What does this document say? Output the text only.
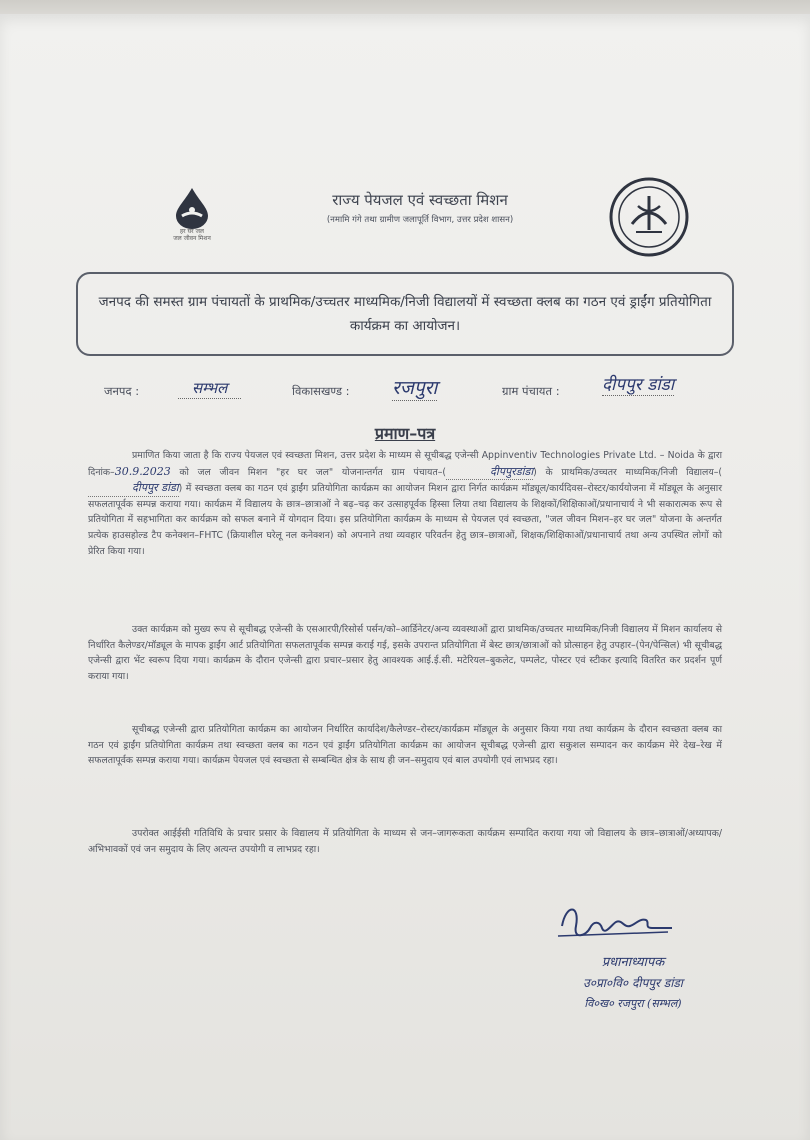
हर घर जल
जल जीवन मिशन
राज्य पेयजल एवं स्वच्छता मिशन
(नमामि गंगे तथा ग्रामीण जलापूर्ति विभाग, उत्तर प्रदेश शासन)
जनपद की समस्त ग्राम पंचायतों के प्राथमिक/उच्चतर माध्यमिक/निजी विद्यालयों में स्वच्छता क्लब का गठन एवं ड्राईंग प्रतियोगिता कार्यक्रम का आयोजन।
जनपद :	सम्भल	विकासखण्ड : रजपुरा	ग्राम पंचायत : दीपपुर डांडा
प्रमाण–पत्र
प्रमाणित किया जाता है कि राज्य पेयजल एवं स्वच्छता मिशन, उत्तर प्रदेश के माध्यम से सूचीबद्ध एजेन्सी Appinventiv Technologies Private Ltd. – Noida के द्वारा दिनांक–30.9.2023 को जल जीवन मिशन "हर घर जल" योजनान्तर्गत ग्राम पंचायत–(	दीपपुरडांडा) के प्राथमिक/उच्चतर माध्यमिक/निजी विद्यालय–(दीपपुर डांडा) में स्वच्छता क्लब का गठन एवं ड्राईंग प्रतियोगिता कार्यक्रम का आयोजन मिशन द्वारा निर्गत कार्यक्रम मॉड्यूल/कार्यदिवस–रोस्टर/कार्ययोजना में मॉड्यूल के अनुसार सफलतापूर्वक सम्पन्न कराया गया। कार्यक्रम में विद्यालय के छात्र–छात्राओं ने बढ़–चढ़ कर उत्साहपूर्वक हिस्सा लिया तथा विद्यालय के शिक्षकों/शिक्षिकाओं/प्रधानाचार्य ने भी सकारात्मक रूप से प्रतियोगिता में सहभागिता कर कार्यक्रम को सफल बनाने में योगदान दिया। इस प्रतियोगिता कार्यक्रम के माध्यम से पेयजल एवं स्वच्छता, "जल जीवन मिशन–हर घर जल" योजना के अन्तर्गत प्रत्येक हाउसहोल्ड टैप कनेक्शन–FHTC (क्रियाशील घरेलू नल कनेक्शन) को अपनाने तथा व्यवहार परिवर्तन हेतु छात्र–छात्राओं, शिक्षक/शिक्षिकाओं/प्रधानाचार्य तथा अन्य उपस्थित लोगों को प्रेरित किया गया।
उक्त कार्यक्रम को मुख्य रूप से सूचीबद्ध एजेन्सी के एसआरपी/रिसोर्स पर्सन/को–आर्डिनेटर/अन्य व्यवस्थाओं द्वारा प्राथमिक/उच्चतर माध्यमिक/निजी विद्यालय में मिशन कार्यालय से निर्धारित कैलेण्डर/मॉड्यूल के मापक ड्राईंग आर्ट प्रतियोगिता सफलतापूर्वक सम्पन्न कराई गई, इसके उपरान्त प्रतियोगिता में बेस्ट छात्र/छात्राओं को प्रोत्साहन हेतु उपहार–(पेन/पेन्सिल) भी सूचीबद्ध एजेन्सी द्वारा भेंट स्वरूप दिया गया। कार्यक्रम के दौरान एजेन्सी द्वारा प्रचार–प्रसार हेतु आवश्यक आई.ई.सी. मटेरियल–बुकलेट, पम्पलेट, पोस्टर एवं स्टीकर इत्यादि वितरित कर प्रदर्शन पूर्ण कराया गया।
सूचीबद्ध एजेन्सी द्वारा प्रतियोगिता कार्यक्रम का आयोजन निर्धारित कार्यादेश/कैलेण्डर–रोस्टर/कार्यक्रम मॉड्यूल के अनुसार किया गया तथा कार्यक्रम के दौरान स्वच्छता क्लब का गठन एवं ड्राईंग प्रतियोगिता कार्यक्रम तथा स्वच्छता क्लब का गठन एवं ड्राईंग प्रतियोगिता कार्यक्रम का आयोजन सूचीबद्ध एजेन्सी द्वारा सकुशल सम्पादन कर कार्यक्रम मेरे देख–रेख में सफलतापूर्वक सम्पन्न कराया गया। कार्यक्रम पेयजल एवं स्वच्छता से सम्बन्धित क्षेत्र के साथ ही जन–समुदाय एवं बाल उपयोगी एवं लाभप्रद रहा।
उपरोक्त आईईसी गतिविधि के प्रचार प्रसार के विद्यालय में प्रतियोगिता के माध्यम से जन–जागरूकता कार्यक्रम सम्पादित कराया गया जो विद्यालय के छात्र–छात्राओं/अध्यापक/अभिभावकों एवं जन समुदाय के लिए अत्यन्त उपयोगी व लाभप्रद रहा।
प्रधानाध्यापक
उ०प्रा०वि० दीपपुर डांडा
वि०ख० रजपुरा (सम्भल)
